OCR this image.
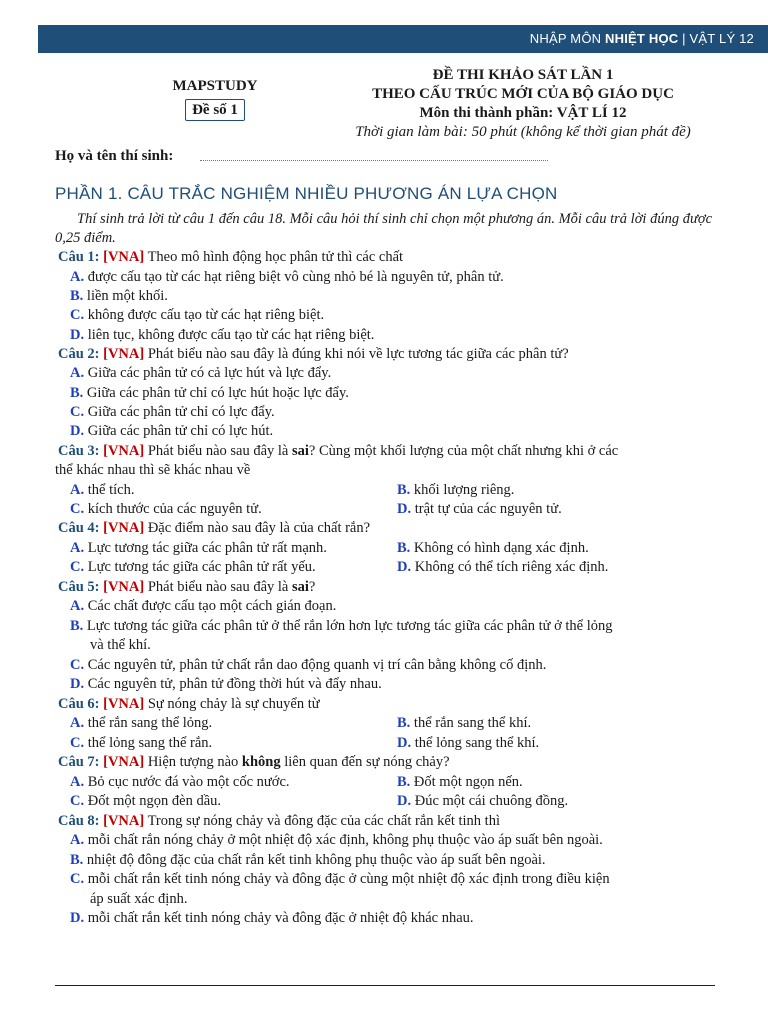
NHẬP MÔN NHIỆT HỌC | VẬT LÝ 12
MAPSTUDY
Đề số 1
ĐỀ THI KHẢO SÁT LẦN 1
THEO CẤU TRÚC MỚI CỦA BỘ GIÁO DỤC
Môn thi thành phần: VẬT LÍ 12
Thời gian làm bài: 50 phút (không kể thời gian phát đề)
Họ và tên thí sinh:
PHẦN 1. CÂU TRẮC NGHIỆM NHIỀU PHƯƠNG ÁN LỰA CHỌN
Thí sinh trả lời từ câu 1 đến câu 18. Mỗi câu hỏi thí sinh chỉ chọn một phương án. Mỗi câu trả lời đúng được 0,25 điểm.
Câu 1: [VNA] Theo mô hình động học phân tử thì các chất
A. được cấu tạo từ các hạt riêng biệt vô cùng nhỏ bé là nguyên tử, phân tử.
B. liền một khối.
C. không được cấu tạo từ các hạt riêng biệt.
D. liên tục, không được cấu tạo từ các hạt riêng biệt.
Câu 2: [VNA] Phát biểu nào sau đây là đúng khi nói về lực tương tác giữa các phân tử?
A. Giữa các phân tử có cả lực hút và lực đẩy.
B. Giữa các phân tử chỉ có lực hút hoặc lực đẩy.
C. Giữa các phân tử chỉ có lực đẩy.
D. Giữa các phân tử chỉ có lực hút.
Câu 3: [VNA] Phát biểu nào sau đây là sai? Cùng một khối lượng của một chất nhưng khi ở các
thể khác nhau thì sẽ khác nhau về
A. thể tích.	B. khối lượng riêng.
C. kích thước của các nguyên tử.	D. trật tự của các nguyên tử.
Câu 4: [VNA] Đặc điểm nào sau đây là của chất rắn?
A. Lực tương tác giữa các phân tử rất mạnh.	B. Không có hình dạng xác định.
C. Lực tương tác giữa các phân tử rất yếu.	D. Không có thể tích riêng xác định.
Câu 5: [VNA] Phát biểu nào sau đây là sai?
A. Các chất được cấu tạo một cách gián đoạn.
B. Lực tương tác giữa các phân tử ở thể rắn lớn hơn lực tương tác giữa các phân tử ở thể lỏng
và thể khí.
C. Các nguyên tử, phân tử chất rắn dao động quanh vị trí cân bằng không cố định.
D. Các nguyên tử, phân tử đồng thời hút và đẩy nhau.
Câu 6: [VNA] Sự nóng chảy là sự chuyển từ
A. thể rắn sang thể lỏng.	B. thể rắn sang thể khí.
C. thể lỏng sang thể rắn.	D. thể lỏng sang thể khí.
Câu 7: [VNA] Hiện tượng nào không liên quan đến sự nóng chảy?
A. Bỏ cục nước đá vào một cốc nước.	B. Đốt một ngọn nến.
C. Đốt một ngọn đèn dầu.	D. Đúc một cái chuông đồng.
Câu 8: [VNA] Trong sự nóng chảy và đông đặc của các chất rắn kết tinh thì
A. mỗi chất rắn nóng chảy ở một nhiệt độ xác định, không phụ thuộc vào áp suất bên ngoài.
B. nhiệt độ đông đặc của chất rắn kết tinh không phụ thuộc vào áp suất bên ngoài.
C. mỗi chất rắn kết tinh nóng chảy và đông đặc ở cùng một nhiệt độ xác định trong điều kiện
áp suất xác định.
D. mỗi chất rắn kết tinh nóng chảy và đông đặc ở nhiệt độ khác nhau.
